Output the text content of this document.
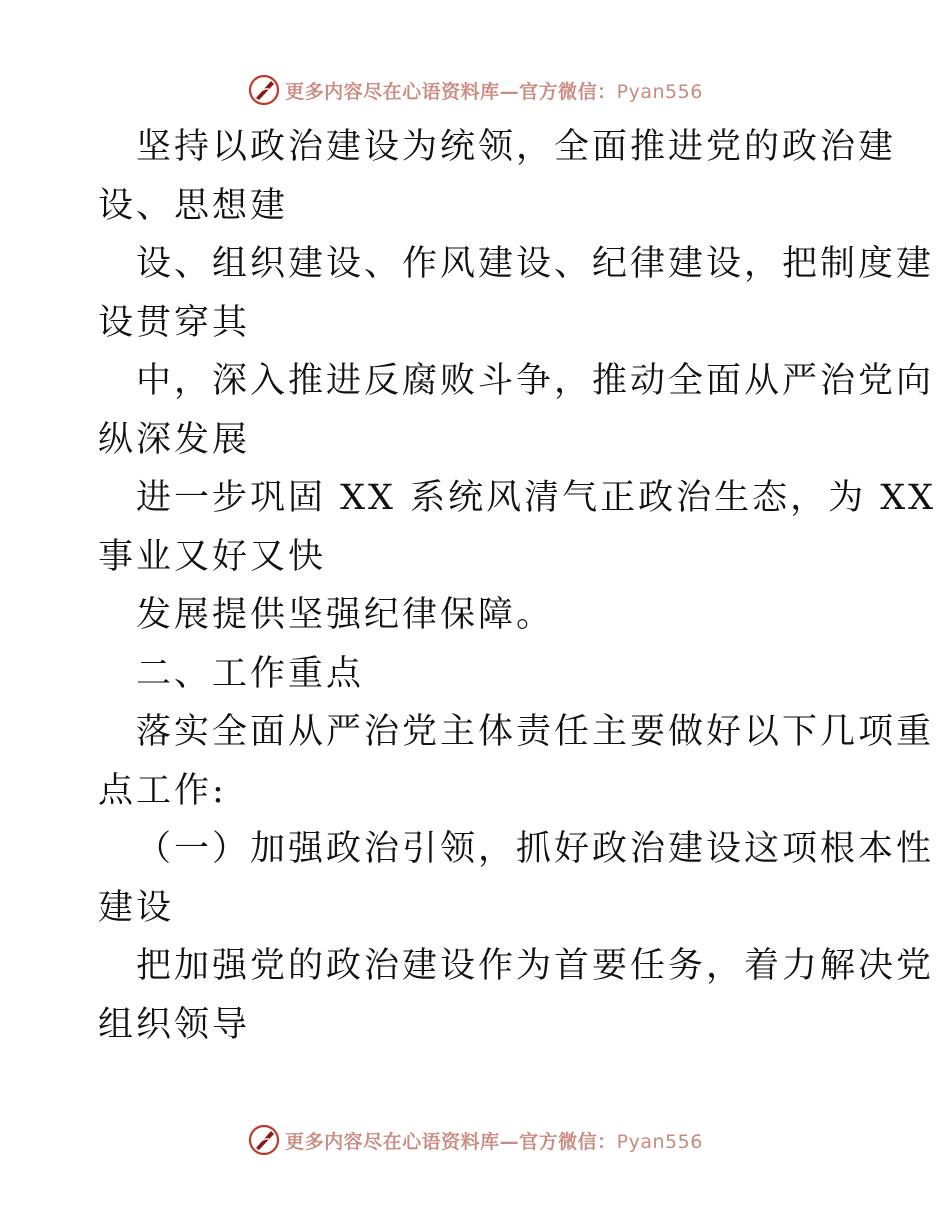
更多内容尽在心语资料库—官方微信：Pyan556
坚持以政治建设为统领，全面推进党的政治建
设、思想建
设、组织建设、作风建设、纪律建设，把制度建
设贯穿其
中，深入推进反腐败斗争，推动全面从严治党向
纵深发展
进一步巩固 XX 系统风清气正政治生态，为 XX
事业又好又快
发展提供坚强纪律保障。
二、工作重点
落实全面从严治党主体责任主要做好以下几项重
点工作:
（一）加强政治引领，抓好政治建设这项根本性
建设
把加强党的政治建设作为首要任务，着力解决党
组织领导
更多内容尽在心语资料库—官方微信：Pyan556
